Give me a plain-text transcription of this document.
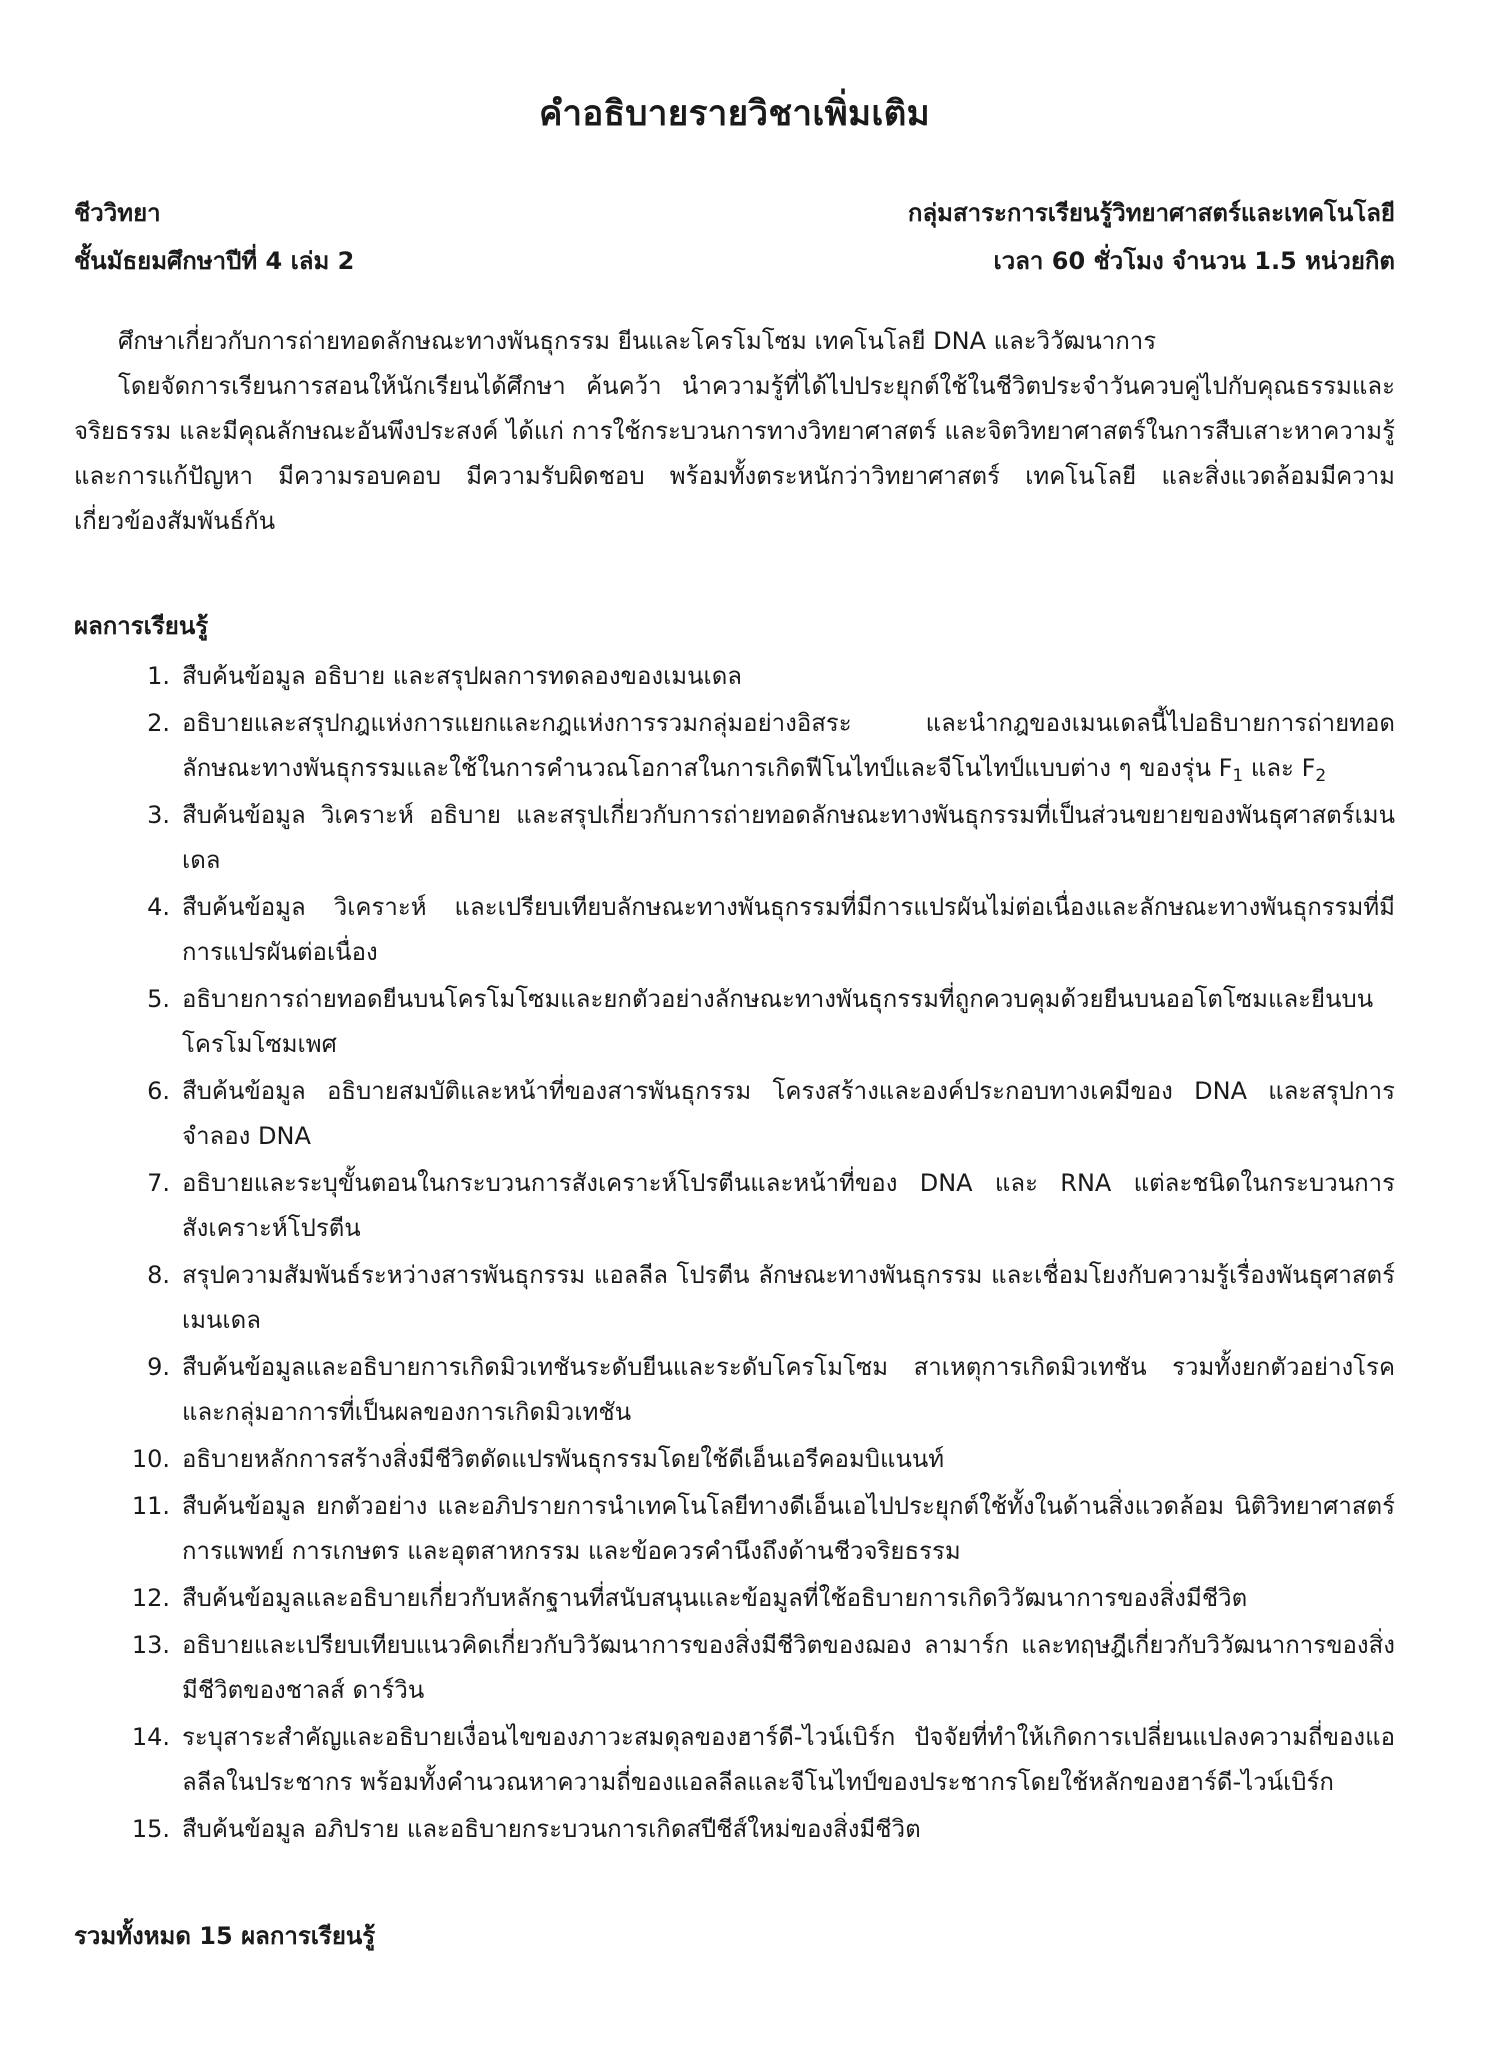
คำอธิบายรายวิชาเพิ่มเติม
ชีววิทยา	กลุ่มสาระการเรียนรู้วิทยาศาสตร์และเทคโนโลยี
ชั้นมัธยมศึกษาปีที่ 4 เล่ม 2	เวลา 60 ชั่วโมง จำนวน 1.5 หน่วยกิต

ศึกษาเกี่ยวกับการถ่ายทอดลักษณะทางพันธุกรรม ยีนและโครโมโซม เทคโนโลยี DNA และวิวัฒนาการ

โดยจัดการเรียนการสอนให้นักเรียนได้ศึกษา ค้นคว้า นำความรู้ที่ได้ไปประยุกต์ใช้ในชีวิตประจำวันควบคู่ไปกับคุณธรรมและจริยธรรม และมีคุณลักษณะอันพึงประสงค์ ได้แก่ การใช้กระบวนการทางวิทยาศาสตร์ และจิตวิทยาศาสตร์ในการสืบเสาะหาความรู้และการแก้ปัญหา มีความรอบคอบ มีความรับผิดชอบ พร้อมทั้งตระหนักว่าวิทยาศาสตร์ เทคโนโลยี และสิ่งแวดล้อมมีความเกี่ยวข้องสัมพันธ์กัน

ผลการเรียนรู้
1. สืบค้นข้อมูล อธิบาย และสรุปผลการทดลองของเมนเดล
2. อธิบายและสรุปกฎแห่งการแยกและกฎแห่งการรวมกลุ่มอย่างอิสระ และนำกฎของเมนเดลนี้ไปอธิบายการถ่ายทอดลักษณะทางพันธุกรรมและใช้ในการคำนวณโอกาสในการเกิดฟีโนไทป์และจีโนไทป์แบบต่าง ๆ ของรุ่น $F_1$ และ $F_2$
3. สืบค้นข้อมูล วิเคราะห์ อธิบาย และสรุปเกี่ยวกับการถ่ายทอดลักษณะทางพันธุกรรมที่เป็นส่วนขยายของพันธุศาสตร์เมนเดล
4. สืบค้นข้อมูล วิเคราะห์ และเปรียบเทียบลักษณะทางพันธุกรรมที่มีการแปรผันไม่ต่อเนื่องและลักษณะทางพันธุกรรมที่มีการแปรผันต่อเนื่อง
5. อธิบายการถ่ายทอดยีนบนโครโมโซมและยกตัวอย่างลักษณะทางพันธุกรรมที่ถูกควบคุมด้วยยีนบนออโตโซมและยีนบนโครโมโซมเพศ
6. สืบค้นข้อมูล อธิบายสมบัติและหน้าที่ของสารพันธุกรรม โครงสร้างและองค์ประกอบทางเคมีของ DNA และสรุปการจำลอง DNA
7. อธิบายและระบุขั้นตอนในกระบวนการสังเคราะห์โปรตีนและหน้าที่ของ DNA และ RNA แต่ละชนิดในกระบวนการสังเคราะห์โปรตีน
8. สรุปความสัมพันธ์ระหว่างสารพันธุกรรม แอลลีล โปรตีน ลักษณะทางพันธุกรรม และเชื่อมโยงกับความรู้เรื่องพันธุศาสตร์เมนเดล
9. สืบค้นข้อมูลและอธิบายการเกิดมิวเทชันระดับยีนและระดับโครโมโซม สาเหตุการเกิดมิวเทชัน รวมทั้งยกตัวอย่างโรคและกลุ่มอาการที่เป็นผลของการเกิดมิวเทชัน
10. อธิบายหลักการสร้างสิ่งมีชีวิตดัดแปรพันธุกรรมโดยใช้ดีเอ็นเอรีคอมบิแนนท์
11. สืบค้นข้อมูล ยกตัวอย่าง และอภิปรายการนำเทคโนโลยีทางดีเอ็นเอไปประยุกต์ใช้ทั้งในด้านสิ่งแวดล้อม นิติวิทยาศาสตร์ การแพทย์ การเกษตร และอุตสาหกรรม และข้อควรคำนึงถึงด้านชีวจริยธรรม
12. สืบค้นข้อมูลและอธิบายเกี่ยวกับหลักฐานที่สนับสนุนและข้อมูลที่ใช้อธิบายการเกิดวิวัฒนาการของสิ่งมีชีวิต
13. อธิบายและเปรียบเทียบแนวคิดเกี่ยวกับวิวัฒนาการของสิ่งมีชีวิตของฌอง ลามาร์ก และทฤษฎีเกี่ยวกับวิวัฒนาการของสิ่งมีชีวิตของชาลส์ ดาร์วิน
14. ระบุสาระสำคัญและอธิบายเงื่อนไขของภาวะสมดุลของฮาร์ดี-ไวน์เบิร์ก ปัจจัยที่ทำให้เกิดการเปลี่ยนแปลงความถี่ของแอลลีลในประชากร พร้อมทั้งคำนวณหาความถี่ของแอลลีลและจีโนไทป์ของประชากรโดยใช้หลักของฮาร์ดี-ไวน์เบิร์ก
15. สืบค้นข้อมูล อภิปราย และอธิบายกระบวนการเกิดสปีชีส์ใหม่ของสิ่งมีชีวิต
รวมทั้งหมด 15 ผลการเรียนรู้
